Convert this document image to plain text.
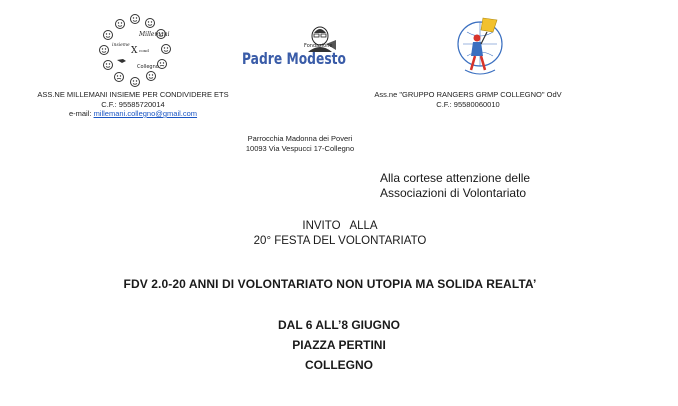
Millemani
insieme
X cond
Collegno
ASS.NE MILLEMANI INSIEME PER CONDIVIDERE ETS
C.F.: 95585720014
e-mail: millemani.collegno@gmail.com
Fondazione
Padre Modesto
Parrocchia Madonna dei Poveri
10093 Via Vespucci 17-Collegno
Ass.ne "GRUPPO RANGERS GRMP COLLEGNO" OdV
C.F.: 95580060010
Alla cortese attenzione delle
Associazioni di Volontariato
INVITO   ALLA
20° FESTA DEL VOLONTARIATO
FDV 2.0-20 ANNI DI VOLONTARIATO NON UTOPIA MA SOLIDA REALTA’
DAL 6 ALL’8 GIUGNO
PIAZZA PERTINI
COLLEGNO
